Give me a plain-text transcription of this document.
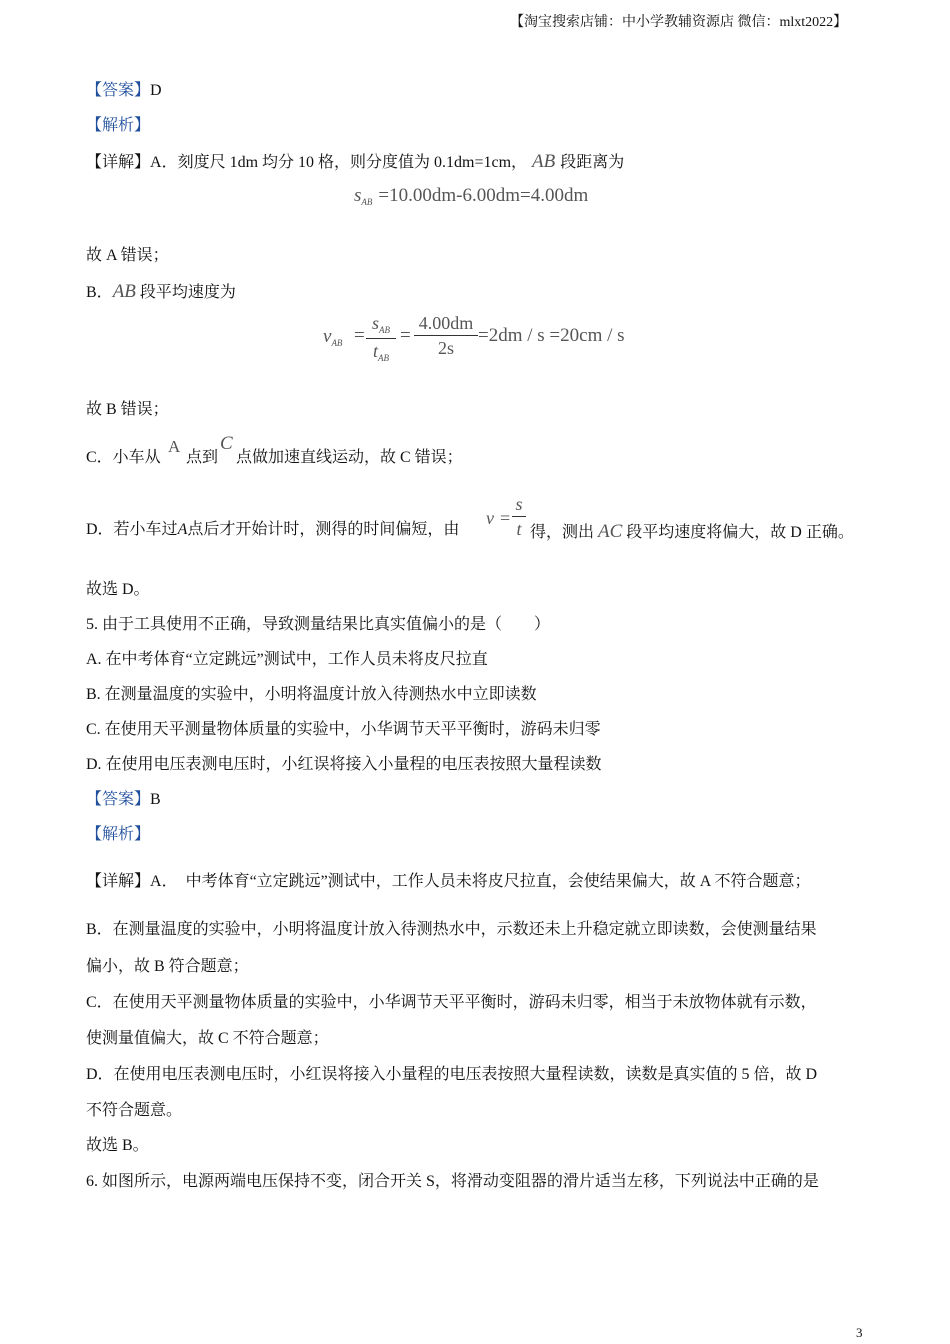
【淘宝搜索店铺：中小学教辅资源店 微信：mlxt2022】
【答案】 D
【解析】
【详解】A．刻度尺 1dm 均分 10 格，则分度值为 0.1dm=1cm， AB 段距离为
$s_{AB} =10.00dm-6.00dm=4.00dm$
故 A 错误；
B．AB 段平均速度为
$v_{AB}$ =
$s_{AB}$
$t_{AB}$
=
4.00dm
2s
=2dm / s =20cm / s
故 B 错误；
C．小车从
A
点到
C
点做加速直线运动，故 C 错误；
D．若小车过A点后才开始计时，测得的时间偏短，由
v =
s
t 得，测出 AC 段平均速度将偏大，故 D 正确。
故选 D。
5. 由于工具使用不正确，导致测量结果比真实值偏小的是（　　）
A. 在中考体育“立定跳远”测试中，工作人员未将皮尺拉直
B. 在测量温度的实验中，小明将温度计放入待测热水中立即读数
C. 在使用天平测量物体质量的实验中，小华调节天平平衡时，游码未归零
D. 在使用电压表测电压时，小红误将接入小量程的电压表按照大量程读数
【答案】 B
【解析】
【详解】A．　中考体育“立定跳远”测试中，工作人员未将皮尺拉直，会使结果偏大，故 A 不符合题意；
B．在测量温度的实验中，小明将温度计放入待测热水中，示数还未上升稳定就立即读数，会使测量结果
偏小，故 B 符合题意；
C．在使用天平测量物体质量的实验中，小华调节天平平衡时，游码未归零，相当于未放物体就有示数，
使测量值偏大，故 C 不符合题意；
D．在使用电压表测电压时，小红误将接入小量程的电压表按照大量程读数，读数是真实值的 5 倍，故 D
不符合题意。
故选 B。
6. 如图所示，电源两端电压保持不变，闭合开关 S，将滑动变阻器的滑片适当左移，下列说法中正确的是
3
